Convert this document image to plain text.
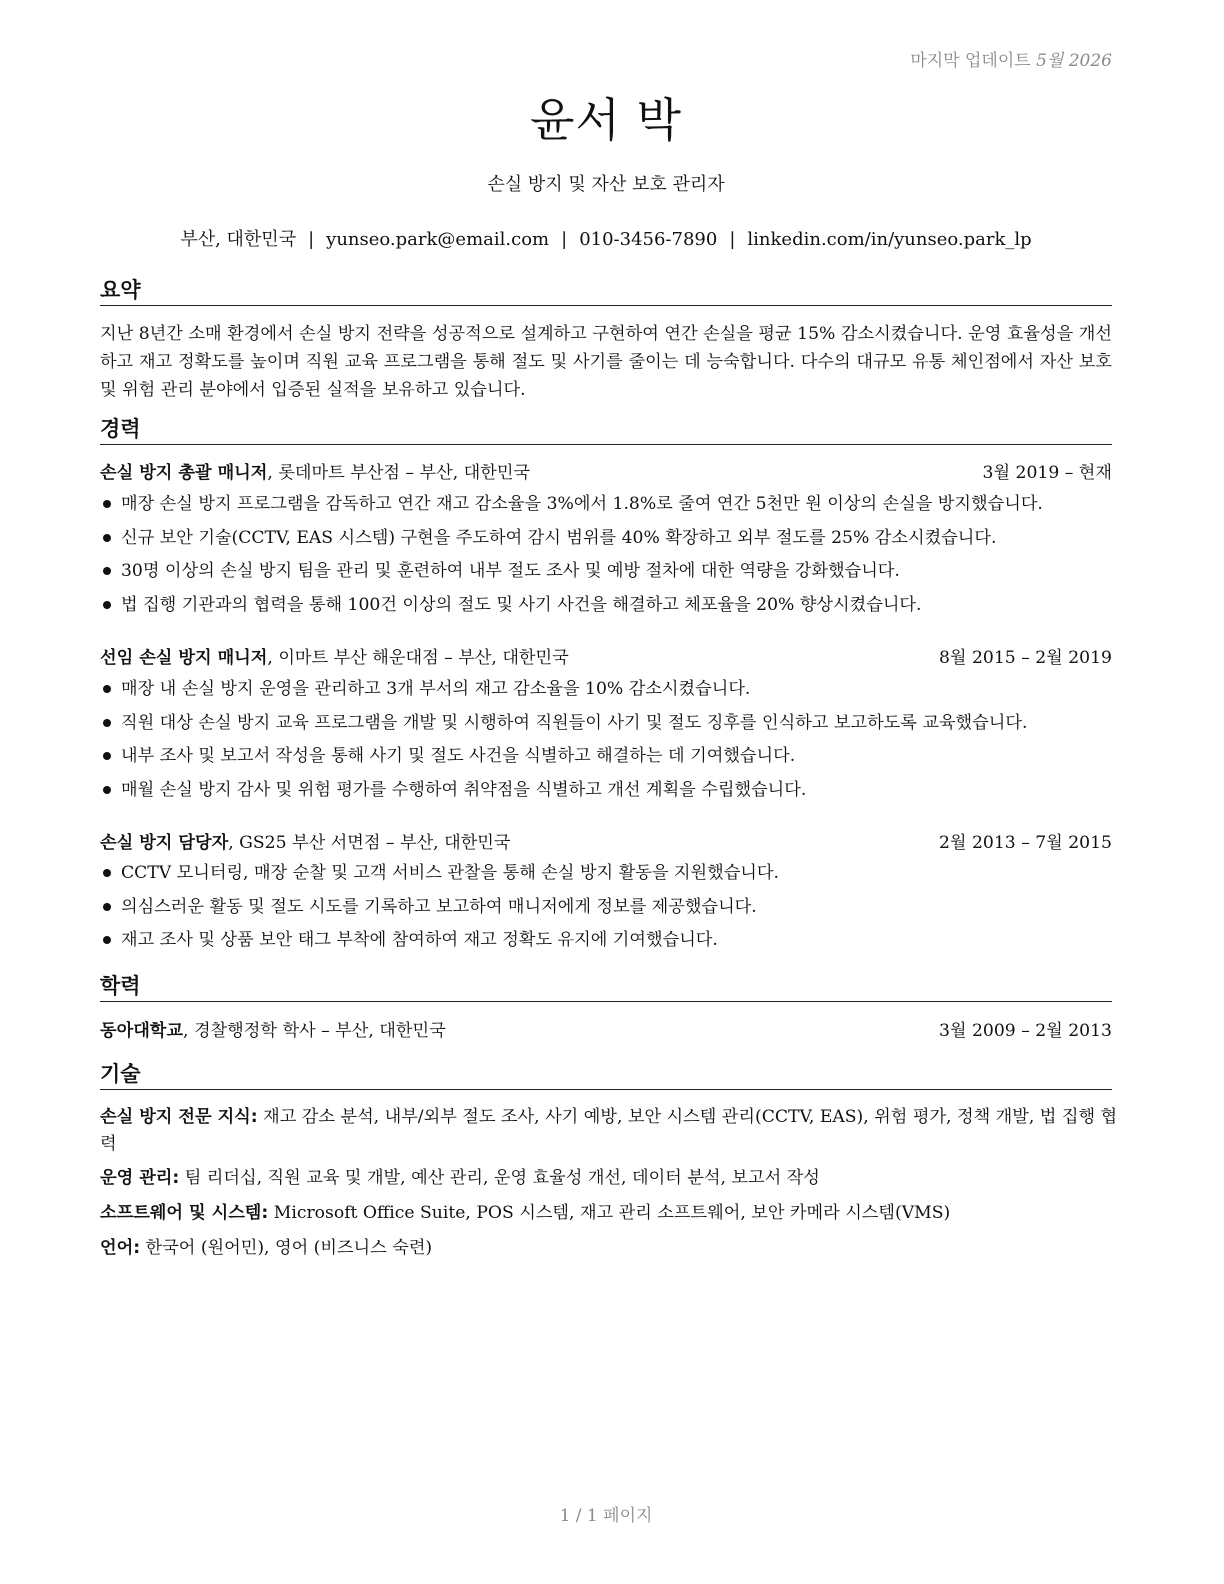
마지막 업데이트 5월 2026
윤서 박
손실 방지 및 자산 보호 관리자
부산, 대한민국 | yunseo.park@email.com | 010-3456-7890 | linkedin.com/in/yunseo.park_lp
요약
지난 8년간 소매 환경에서 손실 방지 전략을 성공적으로 설계하고 구현하여 연간 손실을 평균 15% 감소시켰습니다. 운영 효율성을 개선하고 재고 정확도를 높이며 직원 교육 프로그램을 통해 절도 및 사기를 줄이는 데 능숙합니다. 다수의 대규모 유통 체인점에서 자산 보호 및 위험 관리 분야에서 입증된 실적을 보유하고 있습니다.
경력
손실 방지 총괄 매니저, 롯데마트 부산점 – 부산, 대한민국	3월 2019 – 현재
매장 손실 방지 프로그램을 감독하고 연간 재고 감소율을 3%에서 1.8%로 줄여 연간 5천만 원 이상의 손실을 방지했습니다.
신규 보안 기술(CCTV, EAS 시스템) 구현을 주도하여 감시 범위를 40% 확장하고 외부 절도를 25% 감소시켰습니다.
30명 이상의 손실 방지 팀을 관리 및 훈련하여 내부 절도 조사 및 예방 절차에 대한 역량을 강화했습니다.
법 집행 기관과의 협력을 통해 100건 이상의 절도 및 사기 사건을 해결하고 체포율을 20% 향상시켰습니다.
선임 손실 방지 매니저, 이마트 부산 해운대점 – 부산, 대한민국	8월 2015 – 2월 2019
매장 내 손실 방지 운영을 관리하고 3개 부서의 재고 감소율을 10% 감소시켰습니다.
직원 대상 손실 방지 교육 프로그램을 개발 및 시행하여 직원들이 사기 및 절도 징후를 인식하고 보고하도록 교육했습니다.
내부 조사 및 보고서 작성을 통해 사기 및 절도 사건을 식별하고 해결하는 데 기여했습니다.
매월 손실 방지 감사 및 위험 평가를 수행하여 취약점을 식별하고 개선 계획을 수립했습니다.
손실 방지 담당자, GS25 부산 서면점 – 부산, 대한민국	2월 2013 – 7월 2015
CCTV 모니터링, 매장 순찰 및 고객 서비스 관찰을 통해 손실 방지 활동을 지원했습니다.
의심스러운 활동 및 절도 시도를 기록하고 보고하여 매니저에게 정보를 제공했습니다.
재고 조사 및 상품 보안 태그 부착에 참여하여 재고 정확도 유지에 기여했습니다.
학력
동아대학교, 경찰행정학 학사 – 부산, 대한민국	3월 2009 – 2월 2013
기술
손실 방지 전문 지식: 재고 감소 분석, 내부/외부 절도 조사, 사기 예방, 보안 시스템 관리(CCTV, EAS), 위험 평가, 정책 개발, 법 집행 협력
운영 관리: 팀 리더십, 직원 교육 및 개발, 예산 관리, 운영 효율성 개선, 데이터 분석, 보고서 작성
소프트웨어 및 시스템: Microsoft Office Suite, POS 시스템, 재고 관리 소프트웨어, 보안 카메라 시스템(VMS)
언어: 한국어 (원어민), 영어 (비즈니스 숙련)
1 / 1 페이지
